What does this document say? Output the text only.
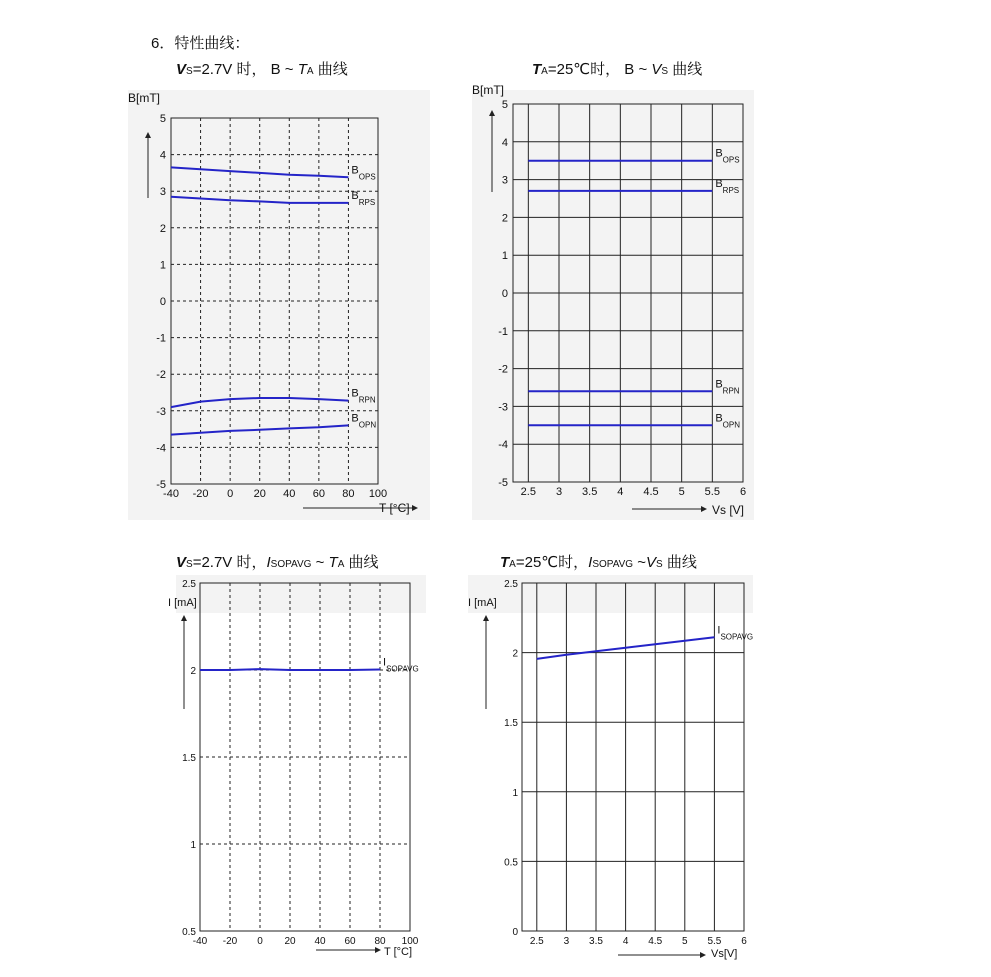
6．特性曲线：
VS=2.7V 时， B ~ TA 曲线	TA=25℃时， B ~ VS 曲线
VS=2.7V 时，ISOPAVG ~ TA 曲线	TA=25℃时，ISOPAVG ~VS 曲线
-40 -20 0 20 40 60 80 100
-5
-4
-3
-2
-1
0
1
2
3
4
5
B[mT]
T [°C]
$B_{OPS}$
$B_{RPS}$
$B_{RPN}$
$B_{OPN}$
2.5 3 3.5 4 4.5 5 5.5 6
-5
-4
-3
-2
-1
0
1
2
3
4
5
B[mT]
Vs [V]
$B_{OPS}$
$B_{RPS}$
$B_{RPN}$
$B_{OPN}$
-40 -20 0 20 40 60 80 100
0.5
1
1.5
2
2.5
I [mA]
T [°C]
$I_{SOPAVG}$
2.5 3 3.5 4 4.5 5 5.5 6
0
0.5
1
1.5
2
2.5
I [mA]
Vs[V]
$I_{SOPAVG}$
